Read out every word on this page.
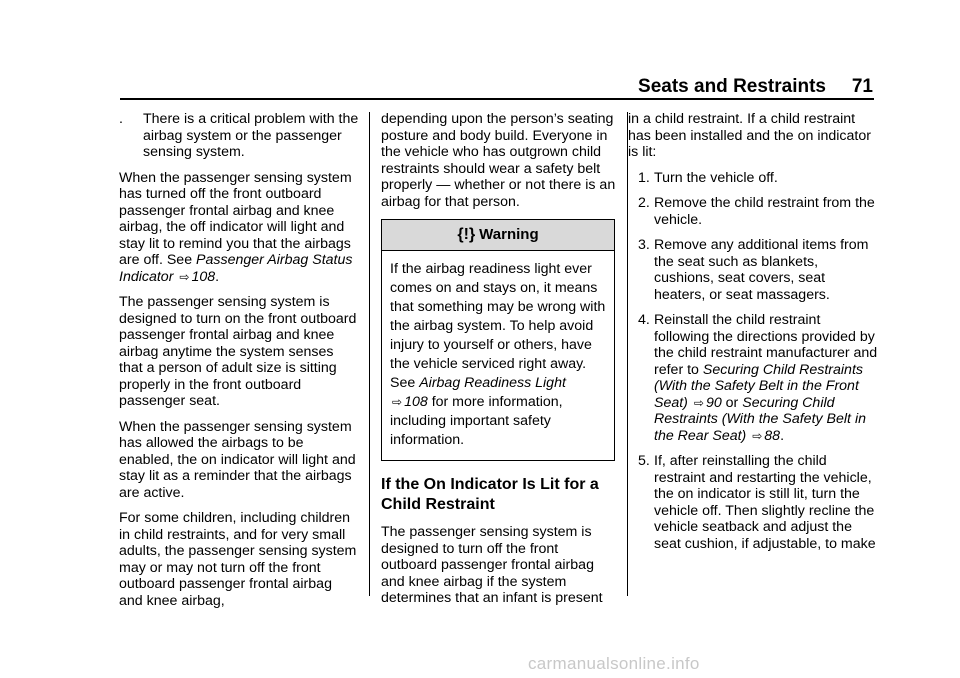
Seats and Restraints 71
. There is a critical problem with the airbag system or the passenger sensing system.

When the passenger sensing system has turned off the front outboard passenger frontal airbag and knee airbag, the off indicator will light and stay lit to remind you that the airbags are off. See Passenger Airbag Status Indicator ⇨ 108.

The passenger sensing system is designed to turn on the front outboard passenger frontal airbag and knee airbag anytime the system senses that a person of adult size is sitting properly in the front outboard passenger seat.

When the passenger sensing system has allowed the airbags to be enabled, the on indicator will light and stay lit as a reminder that the airbags are active.

For some children, including children in child restraints, and for very small adults, the passenger sensing system may or may not turn off the front outboard passenger frontal airbag and knee airbag,

depending upon the person’s seating posture and body build. Everyone in the vehicle who has outgrown child restraints should wear a safety belt properly — whether or not there is an airbag for that person.

{!} Warning
If the airbag readiness light ever comes on and stays on, it means that something may be wrong with the airbag system. To help avoid injury to yourself or others, have the vehicle serviced right away. See Airbag Readiness Light ⇨ 108 for more information, including important safety information.
If the On Indicator Is Lit for a Child Restraint

The passenger sensing system is designed to turn off the front outboard passenger frontal airbag and knee airbag if the system determines that an infant is present

in a child restraint. If a child restraint has been installed and the on indicator is lit:

1. Turn the vehicle off.
2. Remove the child restraint from the vehicle.
3. Remove any additional items from the seat such as blankets, cushions, seat covers, seat heaters, or seat massagers.
4. Reinstall the child restraint following the directions provided by the child restraint manufacturer and refer to Securing Child Restraints (With the Safety Belt in the Front Seat) ⇨ 90 or Securing Child Restraints (With the Safety Belt in the Rear Seat) ⇨ 88.
5. If, after reinstalling the child restraint and restarting the vehicle, the on indicator is still lit, turn the vehicle off. Then slightly recline the vehicle seatback and adjust the seat cushion, if adjustable, to make
carmanualsonline.info
